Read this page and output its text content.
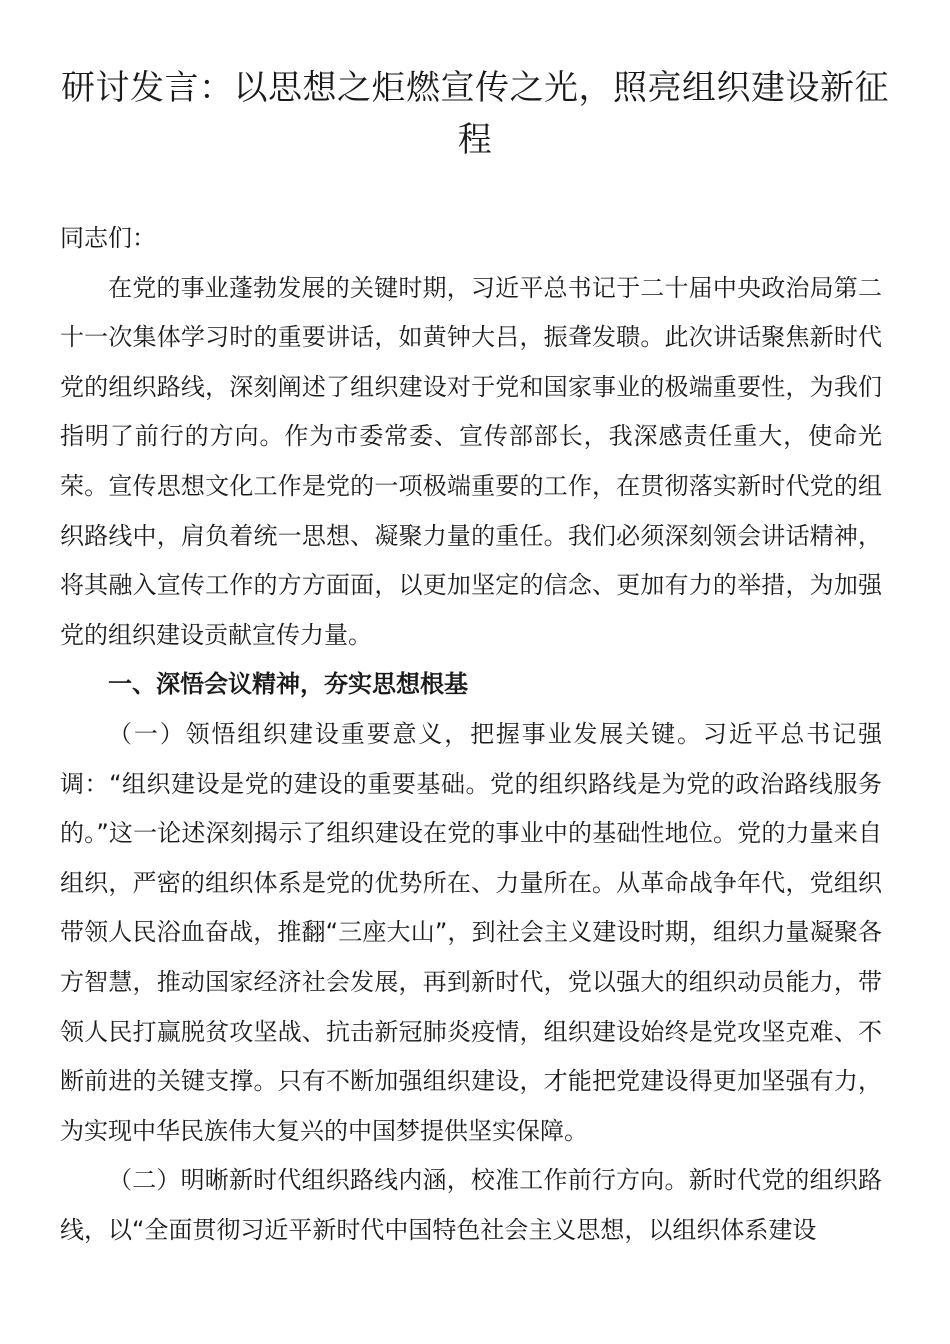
研讨发言：以思想之炬燃宣传之光，照亮组织建设新征程

同志们：

在党的事业蓬勃发展的关键时期，习近平总书记于二十届中央政治局第二十一次集体学习时的重要讲话，如黄钟大吕，振聋发聩。此次讲话聚焦新时代党的组织路线，深刻阐述了组织建设对于党和国家事业的极端重要性，为我们指明了前行的方向。作为市委常委、宣传部部长，我深感责任重大，使命光荣。宣传思想文化工作是党的一项极端重要的工作，在贯彻落实新时代党的组织路线中，肩负着统一思想、凝聚力量的重任。我们必须深刻领会讲话精神，将其融入宣传工作的方方面面，以更加坚定的信念、更加有力的举措，为加强党的组织建设贡献宣传力量。

一、深悟会议精神，夯实思想根基

（一）领悟组织建设重要意义，把握事业发展关键。习近平总书记强调：“组织建设是党的建设的重要基础。党的组织路线是为党的政治路线服务的。”这一论述深刻揭示了组织建设在党的事业中的基础性地位。党的力量来自组织，严密的组织体系是党的优势所在、力量所在。从革命战争年代，党组织带领人民浴血奋战，推翻“三座大山”，到社会主义建设时期，组织力量凝聚各方智慧，推动国家经济社会发展，再到新时代，党以强大的组织动员能力，带领人民打赢脱贫攻坚战、抗击新冠肺炎疫情，组织建设始终是党攻坚克难、不断前进的关键支撑。只有不断加强组织建设，才能把党建设得更加坚强有力，为实现中华民族伟大复兴的中国梦提供坚实保障。

（二）明晰新时代组织路线内涵，校准工作前行方向。新时代党的组织路线，以“全面贯彻习近平新时代中国特色社会主义思想，以组织体系建设
